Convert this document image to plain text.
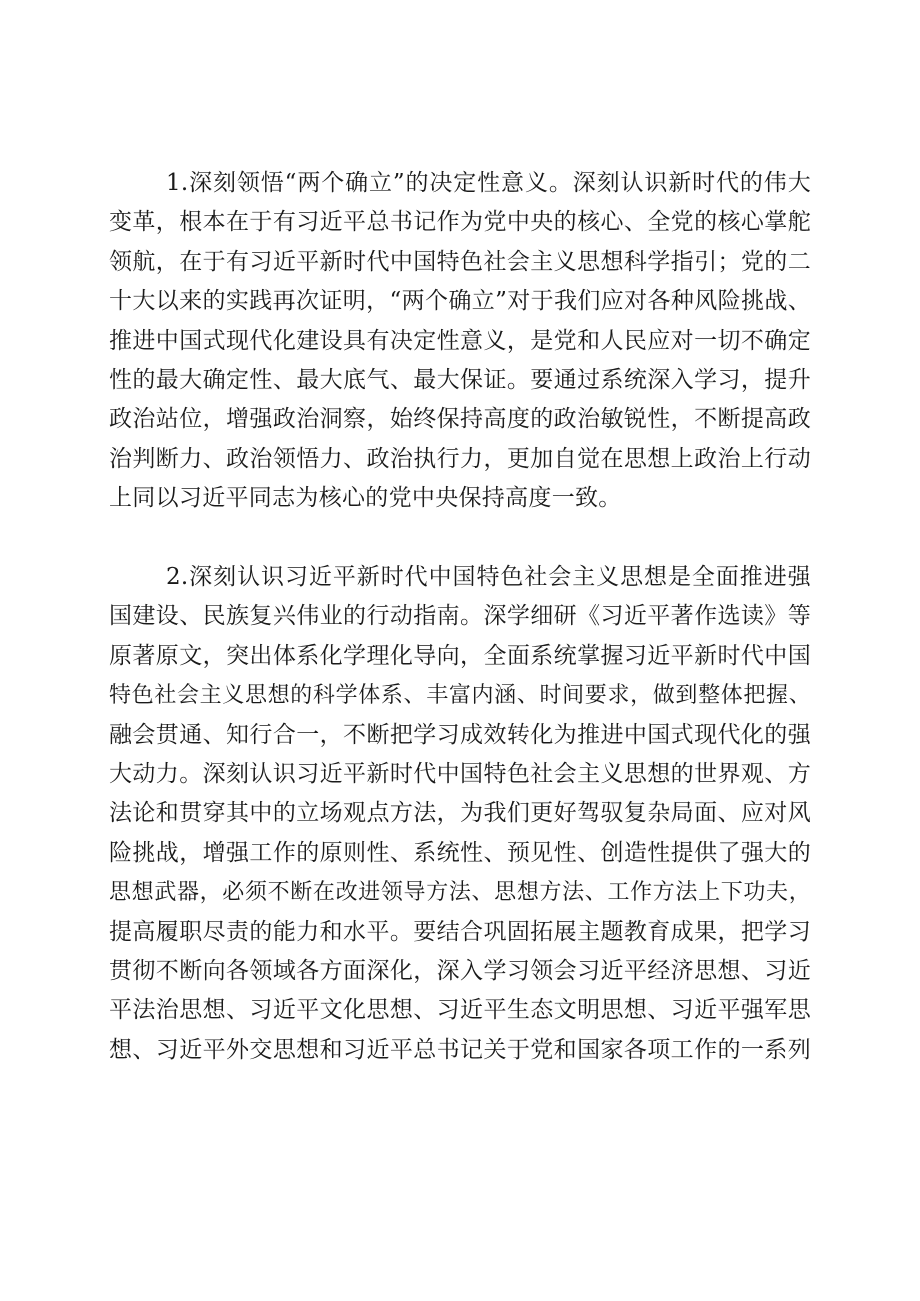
1.深刻领悟“两个确立”的决定性意义。深刻认识新时代的伟大
变革，根本在于有习近平总书记作为党中央的核心、全党的核心掌舵
领航，在于有习近平新时代中国特色社会主义思想科学指引；党的二
十大以来的实践再次证明，“两个确立”对于我们应对各种风险挑战、
推进中国式现代化建设具有决定性意义，是党和人民应对一切不确定
性的最大确定性、最大底气、最大保证。要通过系统深入学习，提升
政治站位，增强政治洞察，始终保持高度的政治敏锐性，不断提高政
治判断力、政治领悟力、政治执行力，更加自觉在思想上政治上行动
上同以习近平同志为核心的党中央保持高度一致。
2.深刻认识习近平新时代中国特色社会主义思想是全面推进强
国建设、民族复兴伟业的行动指南。深学细研《习近平著作选读》等
原著原文，突出体系化学理化导向，全面系统掌握习近平新时代中国
特色社会主义思想的科学体系、丰富内涵、时间要求，做到整体把握、
融会贯通、知行合一，不断把学习成效转化为推进中国式现代化的强
大动力。深刻认识习近平新时代中国特色社会主义思想的世界观、方
法论和贯穿其中的立场观点方法，为我们更好驾驭复杂局面、应对风
险挑战，增强工作的原则性、系统性、预见性、创造性提供了强大的
思想武器，必须不断在改进领导方法、思想方法、工作方法上下功夫，
提高履职尽责的能力和水平。要结合巩固拓展主题教育成果，把学习
贯彻不断向各领域各方面深化，深入学习领会习近平经济思想、习近
平法治思想、习近平文化思想、习近平生态文明思想、习近平强军思
想、习近平外交思想和习近平总书记关于党和国家各项工作的一系列
